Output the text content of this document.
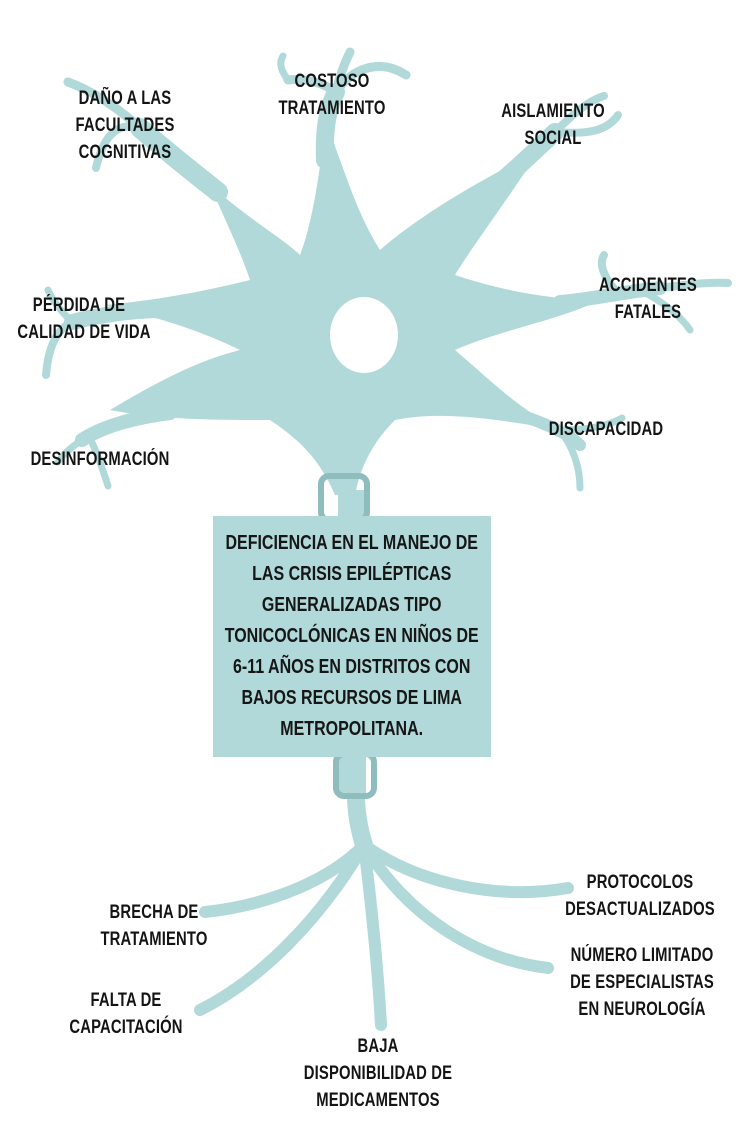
DEFICIENCIA EN EL MANEJO DE
LAS CRISIS EPILÉPTICAS
GENERALIZADAS TIPO
TONICOCLÓNICAS EN NIÑOS DE
6-11 AÑOS EN DISTRITOS CON
BAJOS RECURSOS DE LIMA
METROPOLITANA.
DAÑO A LAS
FACULTADES
COGNITIVAS
COSTOSO
TRATAMIENTO	AISLAMIENTO
SOCIAL
PÉRDIDA DE
CALIDAD DE VIDA
ACCIDENTES
FATALES
DESINFORMACIÓN
DISCAPACIDAD
BRECHA DE
TRATAMIENTO
FALTA DE
CAPACITACIÓN
BAJA
DISPONIBILIDAD DE
MEDICAMENTOS
PROTOCOLOS
DESACTUALIZADOS
NÚMERO LIMITADO
DE ESPECIALISTAS
EN NEUROLOGÍA
